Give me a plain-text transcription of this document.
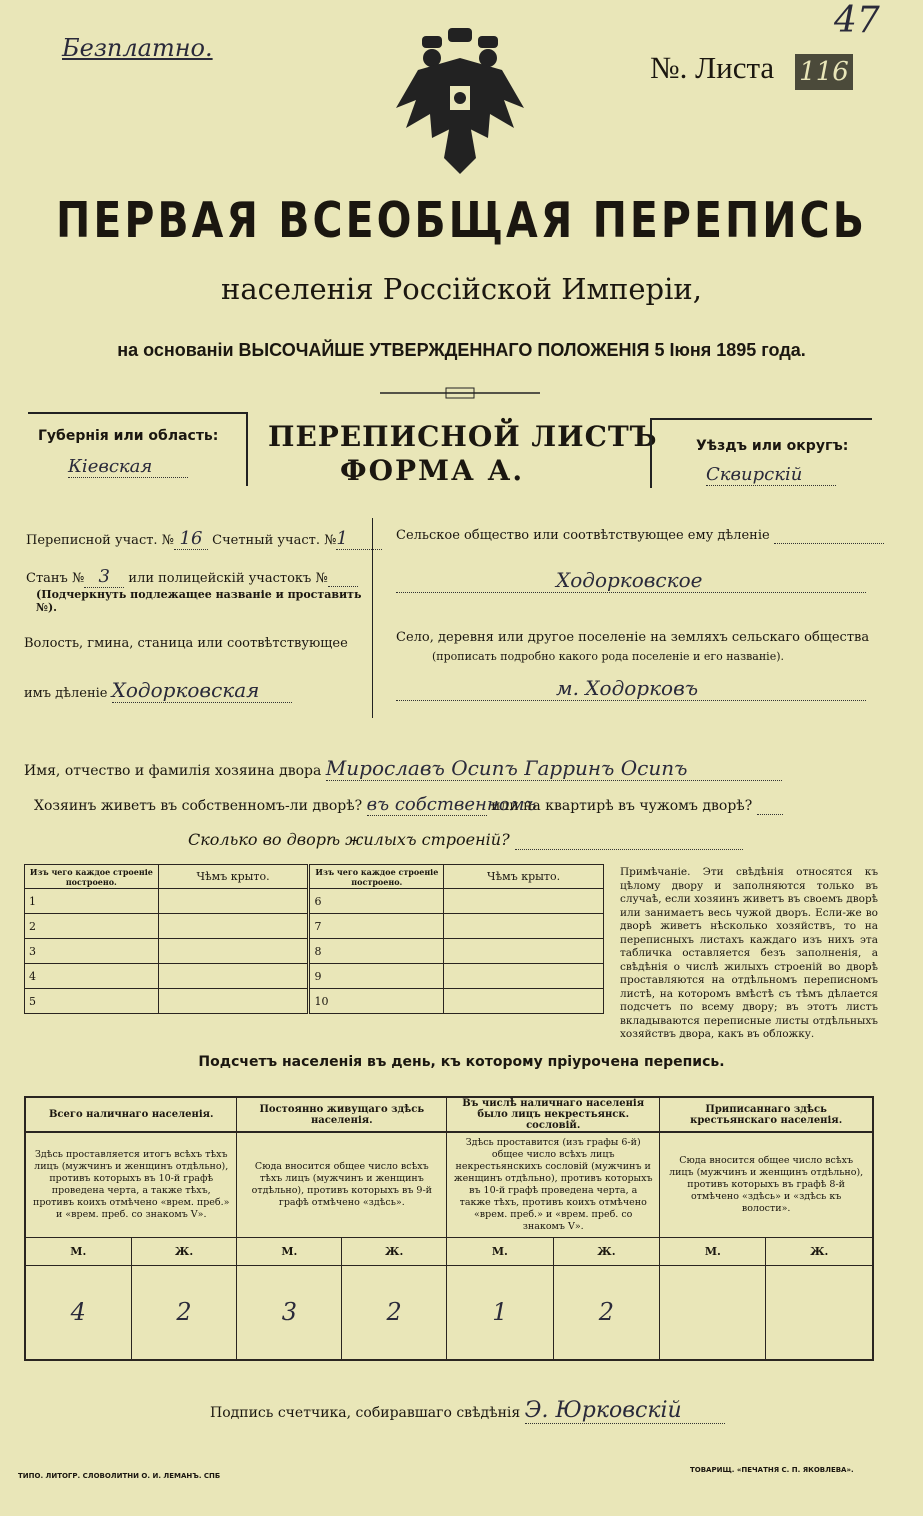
Безплатно.
№. Листа 116
47
ПЕРВАЯ ВСЕОБЩАЯ ПЕРЕПИСЬ
населенія Россійской Имперіи,
на основаніи ВЫСОЧАЙШЕ УТВЕРЖДЕННАГО ПОЛОЖЕНІЯ 5 Іюня 1895 года.
Губернія или область:
Кіевская
ПЕРЕПИСНОЙ ЛИСТЪ
ФОРМА А.
Уѣздъ или округъ:
Сквирскій
Переписной участ. № 16 Счетный участ. №1
Станъ № 3 или полицейскій участокъ №
(Подчеркнуть подлежащее названіе и проставить №).
Волость, гмина, станица или соотвѣтствующее
имъ дѣленіе Ходорковская
Сельское общество или соотвѣтствующее ему дѣленіе
Ходорковское
Село, деревня или другое поселеніе на земляхъ сельскаго общества
(прописать подробно какого рода поселеніе и его названіе).
м. Ходорковъ
Имя, отчество и фамилія хозяина двора Мирославъ Осипъ Гарринъ Осипъ
Хозяинъ живетъ въ собственномъ-ли дворѣ? въ собственномъ или на квартирѣ въ чужомъ дворѣ?
Сколько во дворѣ жилыхъ строеній?
Изъ чего каждое строеніе построено.	Чѣмъ крыто.	Изъ чего каждое строеніе построено.	Чѣмъ крыто.
1		6	
2		7	
3		8	
4		9	
5		10	
Примѣчаніе. Эти свѣдѣнія относятся къ цѣлому двору и заполняются только въ случаѣ, если хозяинъ живетъ въ своемъ дворѣ или занимаетъ весь чужой дворъ. Если-же во дворѣ живетъ нѣсколько хозяйствъ, то на переписныхъ листахъ каждаго изъ нихъ эта табличка оставляется безъ заполненія, а свѣдѣнія о числѣ жилыхъ строеній во дворѣ проставляются на отдѣльномъ переписномъ листѣ, на которомъ вмѣстѣ съ тѣмъ дѣлается подсчетъ по всему двору; въ этотъ листъ вкладываются переписные листы отдѣльныхъ хозяйствъ двора, какъ въ обложку.
Подсчетъ населенія въ день, къ которому пріурочена перепись.
Всего наличнаго населенія.		Постоянно живущаго здѣсь населенія.		Въ числѣ наличнаго населенія было лицъ некрестьянск. сословій.		Приписаннаго здѣсь крестьянскаго населенія.	
Здѣсь проставляется итогъ всѣхъ тѣхъ лицъ (мужчинъ и женщинъ отдѣльно), противъ которыхъ въ 10-й графѣ проведена черта, а также тѣхъ, противъ коихъ отмѣчено «врем. преб.» и «врем. преб. со знакомъ V».		Сюда вносится общее число всѣхъ тѣхъ лицъ (мужчинъ и женщинъ отдѣльно), противъ которыхъ въ 9-й графѣ отмѣчено «здѣсь».		Здѣсь проставится (изъ графы 6-й) общее число всѣхъ лицъ некрестьянскихъ сословій (мужчинъ и женщинъ отдѣльно), противъ которыхъ въ 10-й графѣ проведена черта, а также тѣхъ, противъ коихъ отмѣчено «врем. преб.» и «врем. преб. со знакомъ V».		Сюда вносится общее число всѣхъ лицъ (мужчинъ и женщинъ отдѣльно), противъ которыхъ въ графѣ 8-й отмѣчено «здѣсь» и «здѣсь къ волости».	
М.	Ж.	М.	Ж.	М.	Ж.	М.	Ж.
4	2	3	2	1	2		
Подпись счетчика, собиравшаго свѣдѣнія Э. Юрковскій
ТИПО. ЛИТОГР. СЛОВОЛИТНИ О. И. ЛЕМАНЪ. СПБ
ТОВАРИЩ. «ПЕЧАТНЯ С. П. ЯКОВЛЕВА».
